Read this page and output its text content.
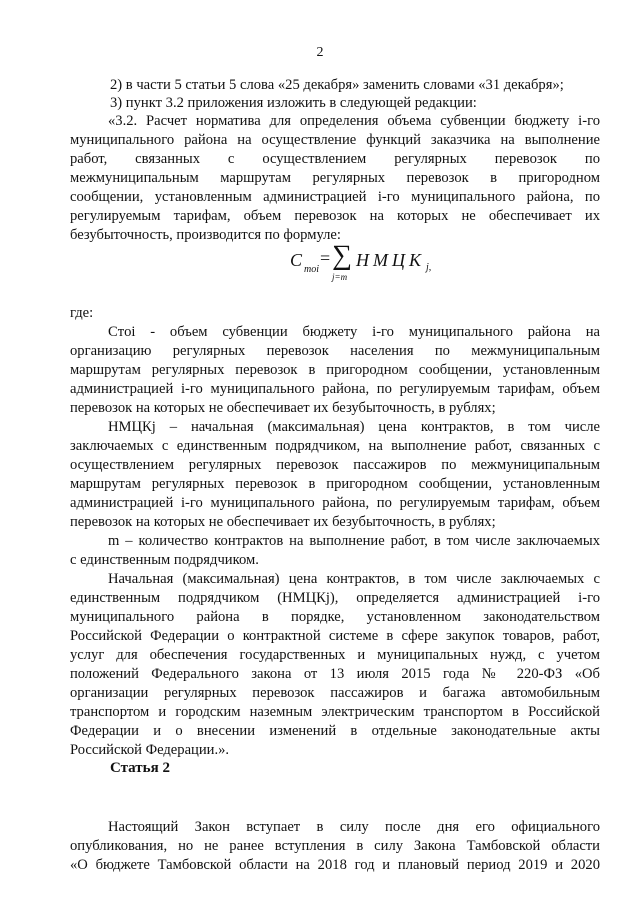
2
2) в части 5 статьи 5 слова «25 декабря» заменить словами «31 декабря»;
3) пункт 3.2 приложения изложить в следующей редакции:
«3.2. Расчет норматива для определения объема субвенции бюджету i-го
муниципального района на осуществление функций заказчика на выполнение
работ, связанных с осуществлением регулярных перевозок по
межмуниципальным маршрутам регулярных перевозок в пригородном
сообщении, установленным администрацией i-го муниципального района, по
регулируемым тарифам, объем перевозок на которых не обеспечивает их
безубыточность, производится по формуле:
C moi
= ∑
j=m
НМЦК j,
где:
Cтoi - объем субвенции бюджету i-го муниципального района на
организацию регулярных перевозок населения по межмуниципальным
маршрутам регулярных перевозок в пригородном сообщении, установленным
администрацией i-го муниципального района, по регулируемым тарифам, объем
перевозок на которых не обеспечивает их безубыточность, в рублях;
НМЦКj – начальная (максимальная) цена контрактов, в том числе
заключаемых с единственным подрядчиком, на выполнение работ, связанных с
осуществлением регулярных перевозок пассажиров по межмуниципальным
маршрутам регулярных перевозок в пригородном сообщении, установленным
администрацией i-го муниципального района, по регулируемым тарифам, объем
перевозок на которых не обеспечивает их безубыточность, в рублях;
m – количество контрактов на выполнение работ, в том числе заключаемых
с единственным подрядчиком.
Начальная (максимальная) цена контрактов, в том числе заключаемых с
единственным подрядчиком (НМЦКj), определяется администрацией i-го
муниципального района в порядке, установленном законодательством
Российской Федерации о контрактной системе в сфере закупок товаров, работ,
услуг для обеспечения государственных и муниципальных нужд, с учетом
положений Федерального закона от 13 июля 2015 года № 220-ФЗ «Об
организации регулярных перевозок пассажиров и багажа автомобильным
транспортом и городским наземным электрическим транспортом в Российской
Федерации и о внесении изменений в отдельные законодательные акты
Российской Федерации.».
Статья 2
Настоящий Закон вступает в силу после дня его официального
опубликования, но не ранее вступления в силу Закона Тамбовской области
«О бюджете Тамбовской области на 2018 год и плановый период 2019 и 2020
